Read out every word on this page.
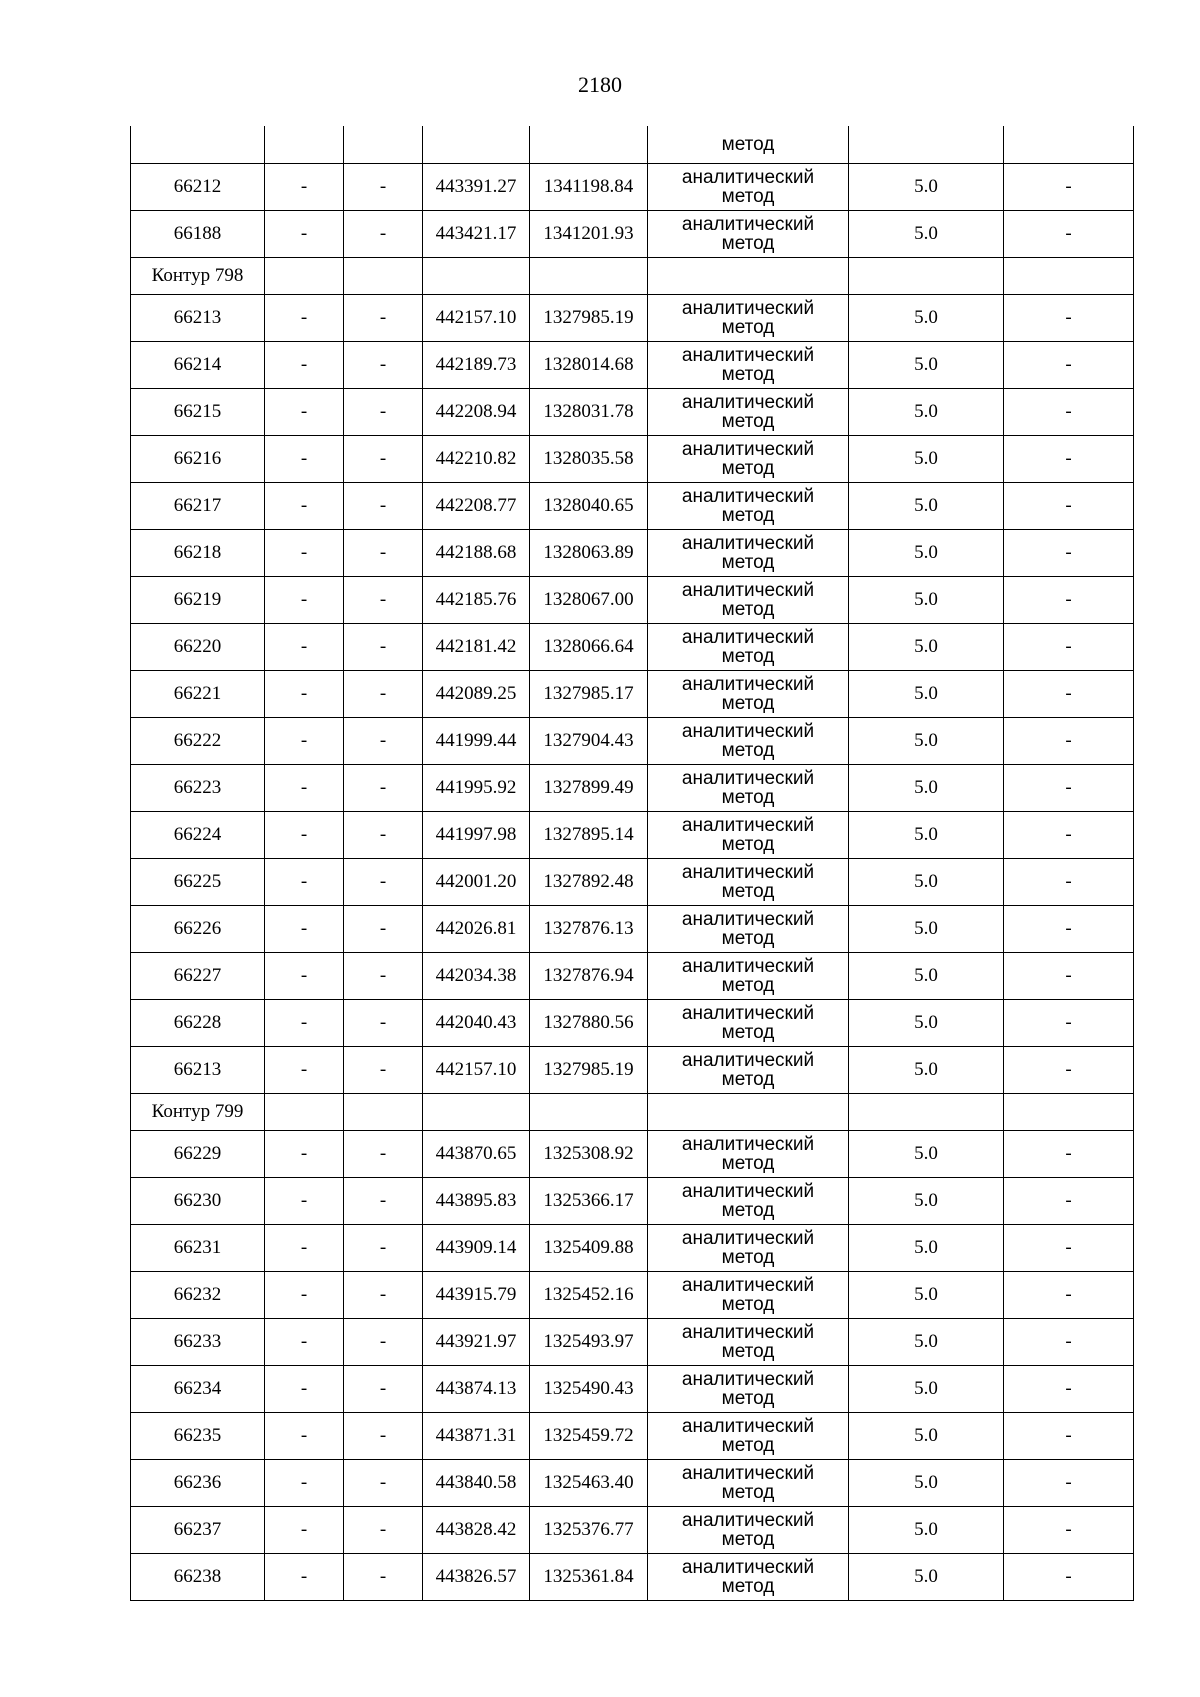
2180
					метод		
66212	-	-	443391.27	1341198.84	аналитический
метод	5.0	-
66188	-	-	443421.17	1341201.93	аналитический
метод	5.0	-
Контур 798							
66213	-	-	442157.10	1327985.19	аналитический
метод	5.0	-
66214	-	-	442189.73	1328014.68	аналитический
метод	5.0	-
66215	-	-	442208.94	1328031.78	аналитический
метод	5.0	-
66216	-	-	442210.82	1328035.58	аналитический
метод	5.0	-
66217	-	-	442208.77	1328040.65	аналитический
метод	5.0	-
66218	-	-	442188.68	1328063.89	аналитический
метод	5.0	-
66219	-	-	442185.76	1328067.00	аналитический
метод	5.0	-
66220	-	-	442181.42	1328066.64	аналитический
метод	5.0	-
66221	-	-	442089.25	1327985.17	аналитический
метод	5.0	-
66222	-	-	441999.44	1327904.43	аналитический
метод	5.0	-
66223	-	-	441995.92	1327899.49	аналитический
метод	5.0	-
66224	-	-	441997.98	1327895.14	аналитический
метод	5.0	-
66225	-	-	442001.20	1327892.48	аналитический
метод	5.0	-
66226	-	-	442026.81	1327876.13	аналитический
метод	5.0	-
66227	-	-	442034.38	1327876.94	аналитический
метод	5.0	-
66228	-	-	442040.43	1327880.56	аналитический
метод	5.0	-
66213	-	-	442157.10	1327985.19	аналитический
метод	5.0	-
Контур 799							
66229	-	-	443870.65	1325308.92	аналитический
метод	5.0	-
66230	-	-	443895.83	1325366.17	аналитический
метод	5.0	-
66231	-	-	443909.14	1325409.88	аналитический
метод	5.0	-
66232	-	-	443915.79	1325452.16	аналитический
метод	5.0	-
66233	-	-	443921.97	1325493.97	аналитический
метод	5.0	-
66234	-	-	443874.13	1325490.43	аналитический
метод	5.0	-
66235	-	-	443871.31	1325459.72	аналитический
метод	5.0	-
66236	-	-	443840.58	1325463.40	аналитический
метод	5.0	-
66237	-	-	443828.42	1325376.77	аналитический
метод	5.0	-
66238	-	-	443826.57	1325361.84	аналитический
метод	5.0	-
